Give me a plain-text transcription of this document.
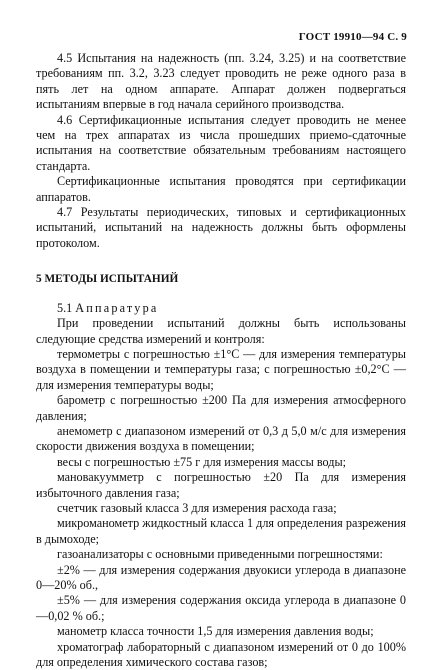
ГОСТ 19910—94 С. 9

4.5 Испытания на надежность (пп. 3.24, 3.25) и на соответствие требованиям пп. 3.2, 3.23 следует проводить не реже одного раза в пять лет на одном аппарате. Аппарат должен подвергаться испытаниям впервые в год начала серийного производства.

4.6 Сертификационные испытания следует проводить не менее чем на трех аппаратах из числа прошедших приемо-сдаточные испытания на соответствие обязательным требованиям настоящего стандарта.

Сертификационные испытания проводятся при сертификации аппаратов.

4.7 Результаты периодических, типовых и сертификационных испытаний, испытаний на надежность должны быть оформлены протоколом.

5 МЕТОДЫ ИСПЫТАНИЙ

5.1 Аппаратура

При проведении испытаний должны быть использованы следующие средства измерений и контроля:

термометры с погрешностью ±1°С — для измерения температуры воздуха в помещении и температуры газа; с погрешностью ±0,2°С — для измерения температуры воды;

барометр с погрешностью ±200 Па для измерения атмосферного давления;

анемометр с диапазоном измерений от 0,3 д 5,0 м/с для измерения скорости движения воздуха в помещении;

весы с погрешностью ±75 г для измерения массы воды;

мановакуумметр с погрешностью ±20 Па для измерения избыточного давления газа;

счетчик газовый класса 3 для измерения расхода газа;

микроманометр жидкостный класса 1 для определения разрежения в дымоходе;

газоанализаторы с основными приведенными погрешностями:

±2% — для измерения содержания двуокиси углерода в диапазоне 0—20% об.,

±5% — для измерения содержания оксида углерода в диапазоне 0—0,02 % об.;

манометр класса точности 1,5 для измерения давления воды;

хроматограф лабораторный с диапазоном измерений от 0 до 100% для определения химического состава газов;
